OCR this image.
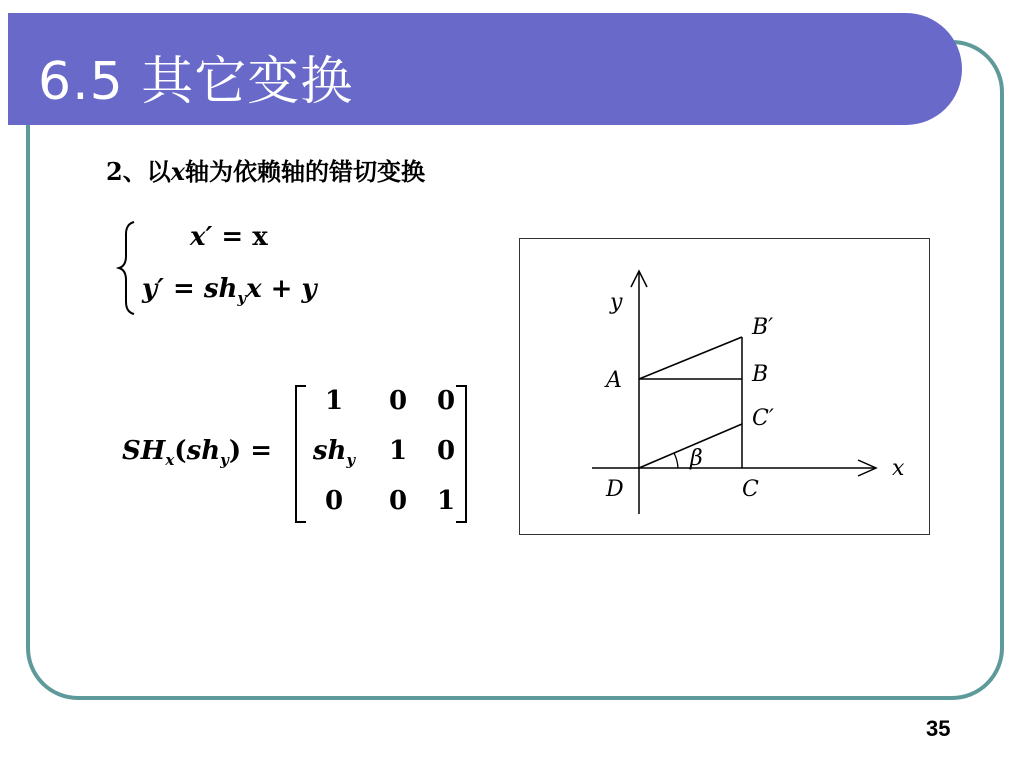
6.5 其它变换
2、以x轴为依赖轴的错切变换
x′ = x
$y' = sh_yx + y$
$SH_x(sh_y)$ =
1	0	0
$sh_y$	1	0
0	0	1
y
x
A	B
B′
C′
C
D
β
35
